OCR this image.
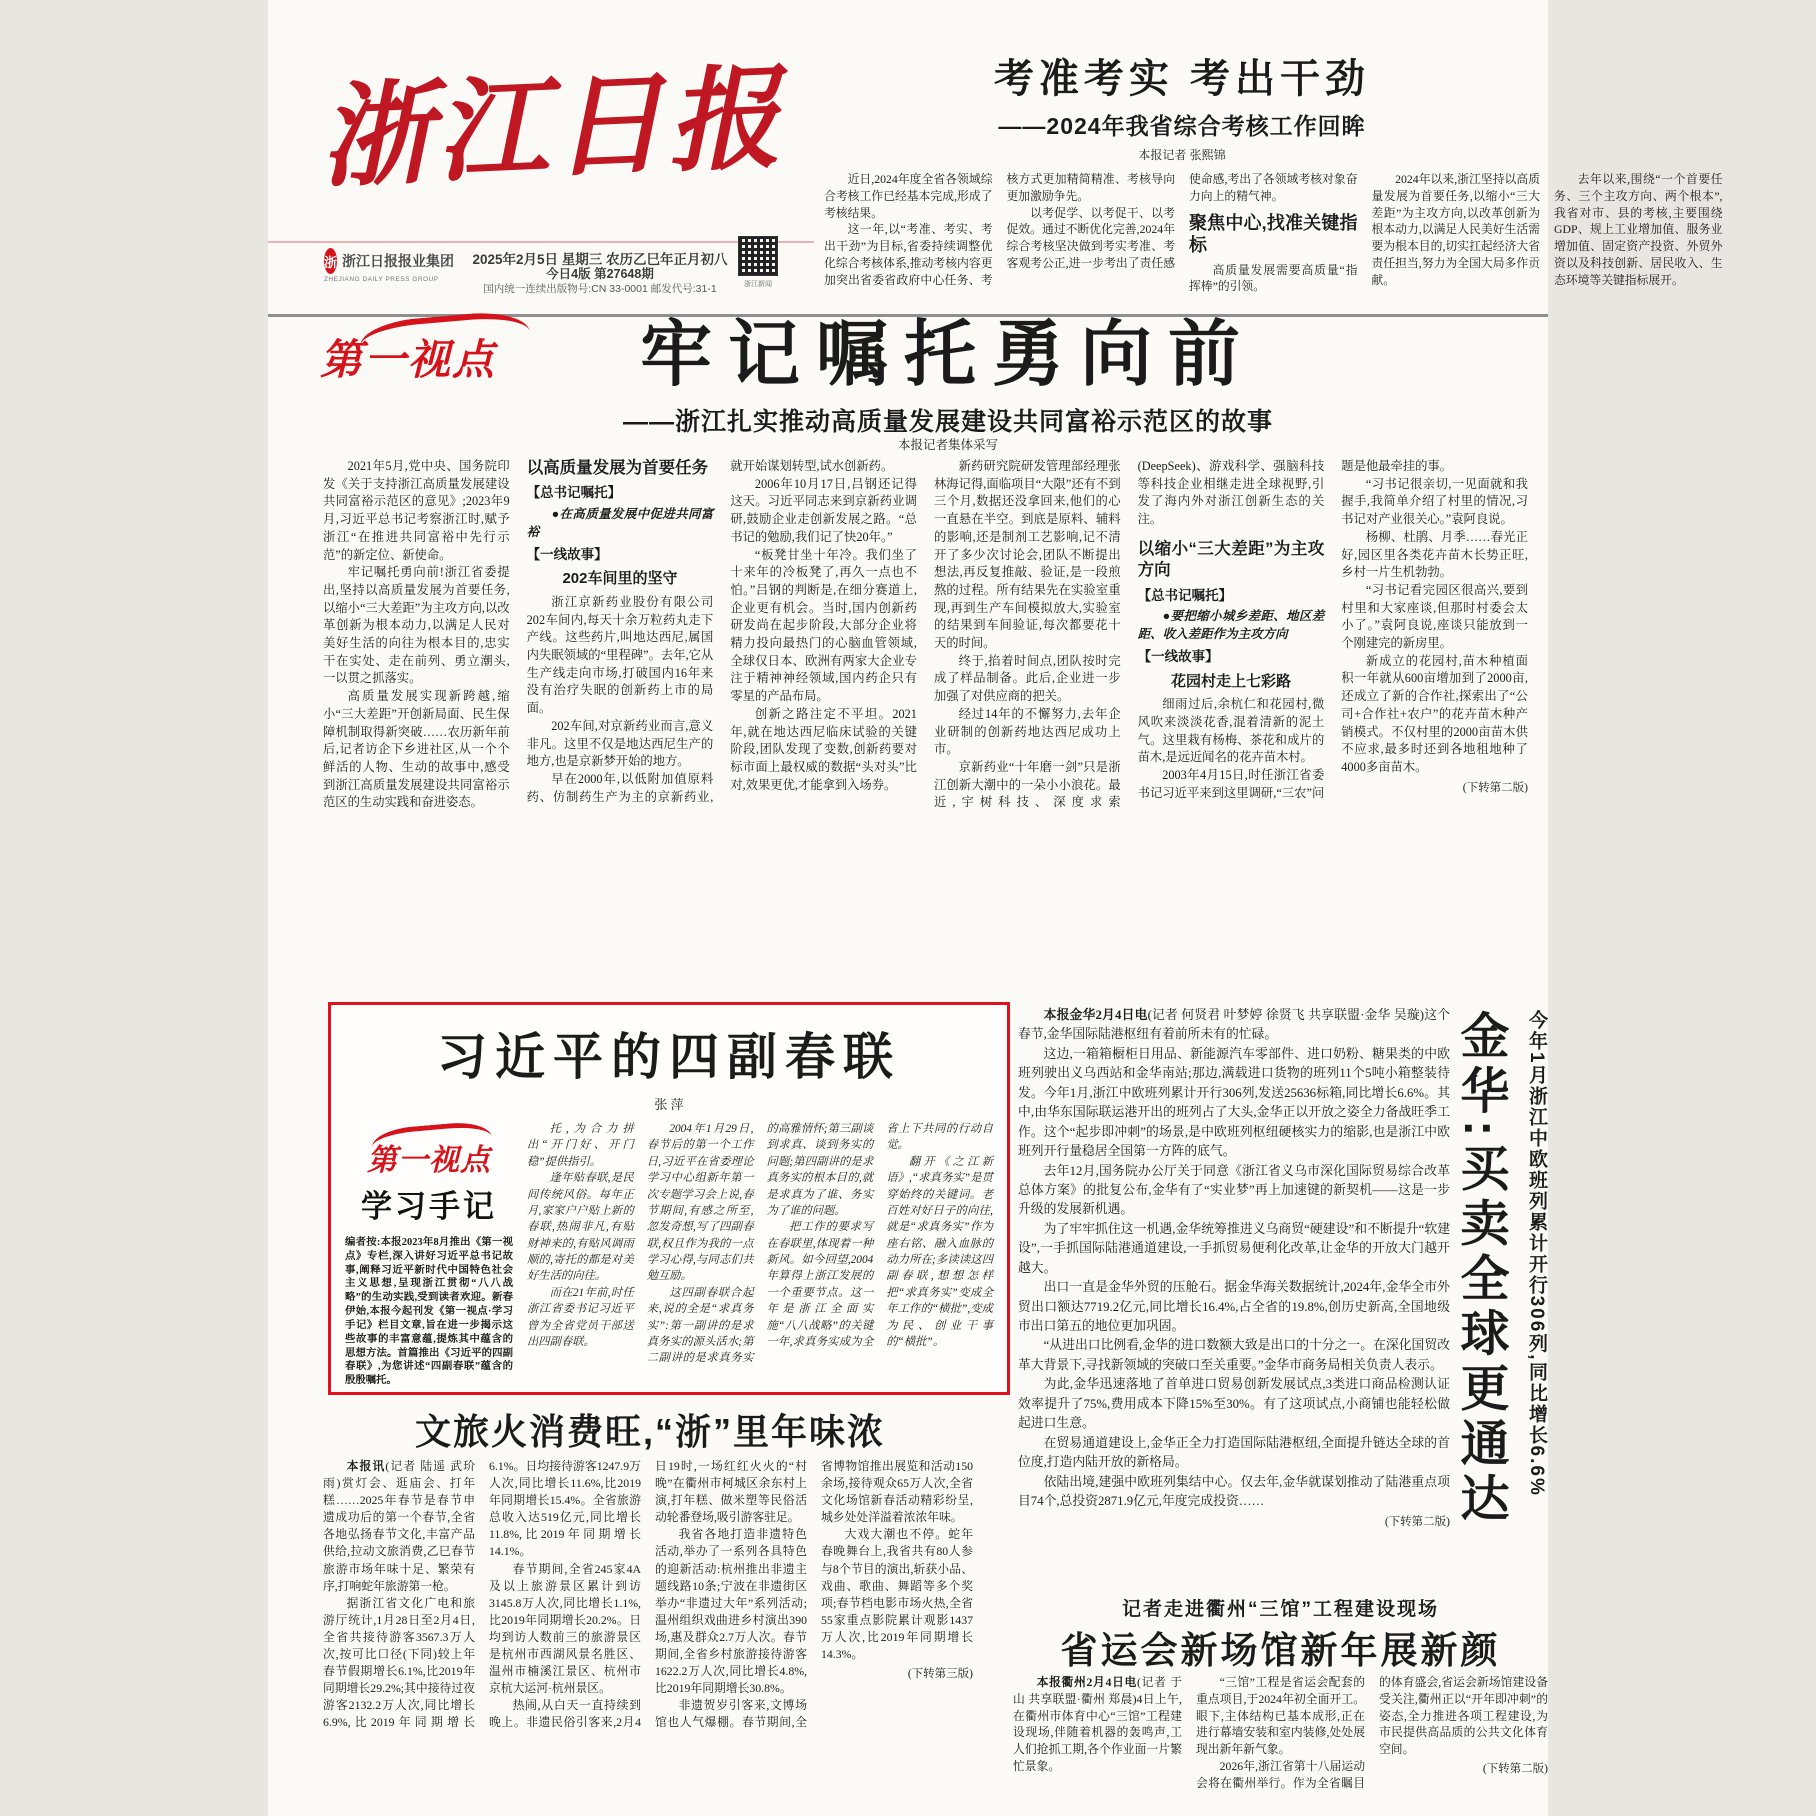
浙江日报
浙 浙江日报报业集团
ZHEJIANG DAILY PRESS GROUP
2025年2月5日 星期三 农历乙巳年正月初八
今日4版 第27648期
国内统一连续出版物号:CN 33-0001 邮发代号:31-1	浙江新闻
考准考实 考出干劲
——2024年我省综合考核工作回眸
本报记者 张熙锦

近日,2024年度全省各领域综合考核工作已经基本完成,形成了考核结果。

这一年,以“考准、考实、考出干劲”为目标,省委持续调整优化综合考核体系,推动考核内容更加突出省委省政府中心任务、考核方式更加精简精准、考核导向更加激励争先。

以考促学、以考促干、以考促效。通过不断优化完善,2024年综合考核坚决做到考实考准、考客观考公正,进一步考出了责任感使命感,考出了各领域考核对象奋力向上的精气神。

聚焦中心,找准关键指标

高质量发展需要高质量“指挥棒”的引领。

2024年以来,浙江坚持以高质量发展为首要任务,以缩小“三大差距”为主攻方向,以改革创新为根本动力,以满足人民美好生活需要为根本目的,切实扛起经济大省责任担当,努力为全国大局多作贡献。

去年以来,围绕“一个首要任务、三个主攻方向、两个根本”,我省对市、县的考核,主要围绕GDP、规上工业增加值、服务业增加值、固定资产投资、外贸外资以及科技创新、居民收入、生态环境等关键指标展开。

第一视点	牢记嘱托勇向前
——浙江扎实推动高质量发展建设共同富裕示范区的故事
本报记者集体采写

2021年5月,党中央、国务院印发《关于支持浙江高质量发展建设共同富裕示范区的意见》;2023年9月,习近平总书记考察浙江时,赋予浙江“在推进共同富裕中先行示范”的新定位、新使命。

牢记嘱托勇向前!浙江省委提出,坚持以高质量发展为首要任务,以缩小“三大差距”为主攻方向,以改革创新为根本动力,以满足人民对美好生活的向往为根本目的,忠实干在实处、走在前列、勇立潮头,一以贯之抓落实。

高质量发展实现新跨越,缩小“三大差距”开创新局面、民生保障机制取得新突破……农历新年前后,记者访企下乡进社区,从一个个鲜活的人物、生动的故事中,感受到浙江高质量发展建设共同富裕示范区的生动实践和奋进姿态。

以高质量发展为首要任务

【总书记嘱托】

●在高质量发展中促进共同富裕

【一线故事】

202车间里的坚守

浙江京新药业股份有限公司202车间内,每天十余万粒药丸走下产线。这些药片,叫地达西尼,属国内失眠领域的“里程碑”。去年,它从生产线走向市场,打破国内16年来没有治疗失眠的创新药上市的局面。

202车间,对京新药业而言,意义非凡。这里不仅是地达西尼生产的地方,也是京新梦开始的地方。

早在2000年,以低附加值原料药、仿制药生产为主的京新药业,就开始谋划转型,试水创新药。

2006年10月17日,吕钢还记得这天。习近平同志来到京新药业调研,鼓励企业走创新发展之路。“总书记的勉励,我们记了快20年。”

“板凳甘坐十年冷。我们坐了十来年的冷板凳了,再久一点也不怕。”吕钢的判断是,在细分赛道上,企业更有机会。当时,国内创新药研发尚在起步阶段,大部分企业将精力投向最热门的心脑血管领域,全球仅日本、欧洲有两家大企业专注于精神神经领域,国内药企只有零星的产品布局。

创新之路注定不平坦。2021年,就在地达西尼临床试验的关键阶段,团队发现了变数,创新药要对标市面上最权威的数据“头对头”比对,效果更优,才能拿到入场券。

新药研究院研发管理部经理张林海记得,面临项目“大限”还有不到三个月,数据还没拿回来,他们的心一直悬在半空。到底是原料、辅料的影响,还是制剂工艺影响,记不清开了多少次讨论会,团队不断提出想法,再反复推敲、验证,是一段煎熬的过程。所有结果先在实验室重现,再到生产车间模拟放大,实验室的结果到车间验证,每次都要花十天的时间。

终于,掐着时间点,团队按时完成了样品制备。此后,企业进一步加强了对供应商的把关。

经过14年的不懈努力,去年企业研制的创新药地达西尼成功上市。

京新药业“十年磨一剑”只是浙江创新大潮中的一朵小小浪花。最近,宇树科技、深度求索(DeepSeek)、游戏科学、强脑科技等科技企业相继走进全球视野,引发了海内外对浙江创新生态的关注。

以缩小“三大差距”为主攻方向

【总书记嘱托】

●要把缩小城乡差距、地区差距、收入差距作为主攻方向

【一线故事】

花园村走上七彩路

细雨过后,余杭仁和花园村,微风吹来淡淡花香,混着清新的泥土气。这里栽有杨梅、茶花和成片的苗木,是远近闻名的花卉苗木村。

2003年4月15日,时任浙江省委书记习近平来到这里调研,“三农”问题是他最牵挂的事。

“习书记很亲切,一见面就和我握手,我简单介绍了村里的情况,习书记对产业很关心。”袁阿良说。

杨柳、杜鹃、月季……春光正好,园区里各类花卉苗木长势正旺,乡村一片生机勃勃。

“习书记看完园区很高兴,要到村里和大家座谈,但那时村委会太小了。”袁阿良说,座谈只能放到一个刚建完的新房里。

新成立的花园村,苗木种植面积一年就从600亩增加到了2000亩,还成立了新的合作社,探索出了“公司+合作社+农户”的花卉苗木种产销模式。不仅村里的2000亩苗木供不应求,最多时还到各地租地种了4000多亩苗木。

(下转第二版)

习近平的四副春联
张 萍
第一视点
学习手记
编者按:本报2023年8月推出《第一视点》专栏,深入讲好习近平总书记故事,阐释习近平新时代中国特色社会主义思想,呈现浙江贯彻“八八战略”的生动实践,受到读者欢迎。新春伊始,本报今起刊发《第一视点·学习手记》栏目文章,旨在进一步揭示这些故事的丰富意蕴,提炼其中蕴含的思想方法。首篇推出《习近平的四副春联》,为您讲述“四副春联”蕴含的殷殷嘱托。

托,为合力拼出“开门好、开门稳”提供指引。

逢年贴春联,是民间传统风俗。每年正月,家家户户贴上新的春联,热闹非凡,有贴财神来的,有贴风调雨顺的,寄托的都是对美好生活的向往。

而在21年前,时任浙江省委书记习近平曾为全省党员干部送出四副春联。

2004年1月29日,春节后的第一个工作日,习近平在省委理论学习中心组新年第一次专题学习会上说,春节期间,有感之所至,忽发奇想,写了四副春联,权且作为我的一点学习心得,与同志们共勉互励。

这四副春联合起来,说的全是“求真务实”:第一副讲的是求真务实的源头活水;第二副讲的是求真务实的高雅情怀;第三副谈到求真、谈到务实的问题;第四副讲的是求真务实的根本目的,就是求真为了谁、务实为了谁的问题。

把工作的要求写在春联里,体现着一种新风。如今回望,2004年算得上浙江发展的一个重要节点。这一年是浙江全面实施“八八战略”的关键一年,求真务实成为全省上下共同的行动自觉。

翻开《之江新语》,“求真务实”是贯穿始终的关键词。老百姓对好日子的向往,就是“求真务实”作为座右铭、融入血脉的动力所在;多读读这四副春联,想想怎样把“求真务实”变成全年工作的“横批”,变成为民、创业干事的“横批”。

本报金华2月4日电(记者 何贤君 叶梦婷 徐贤飞 共享联盟·金华 吴璇)这个春节,金华国际陆港枢纽有着前所未有的忙碌。

这边,一箱箱橱柜日用品、新能源汽车零部件、进口奶粉、糖果类的中欧班列驶出义乌西站和金华南站;那边,满载进口货物的班列11个5吨小箱整装待发。今年1月,浙江中欧班列累计开行306列,发送25636标箱,同比增长6.6%。其中,由华东国际联运港开出的班列占了大头,金华正以开放之姿全力备战旺季工作。这个“起步即冲刺”的场景,是中欧班列枢纽硬核实力的缩影,也是浙江中欧班列开行量稳居全国第一方阵的底气。

去年12月,国务院办公厅关于同意《浙江省义乌市深化国际贸易综合改革总体方案》的批复公布,金华有了“实业梦”再上加速键的新契机——这是一步升级的发展新机遇。

为了牢牢抓住这一机遇,金华统筹推进义乌商贸“硬建设”和不断提升“软建设”,一手抓国际陆港通道建设,一手抓贸易便利化改革,让金华的开放大门越开越大。

出口一直是金华外贸的压舱石。据金华海关数据统计,2024年,金华全市外贸出口额达7719.2亿元,同比增长16.4%,占全省的19.8%,创历史新高,全国地级市出口第五的地位更加巩固。

“从进出口比例看,金华的进口数额大致是出口的十分之一。在深化国贸改革大背景下,寻找新领域的突破口至关重要。”金华市商务局相关负责人表示。

为此,金华迅速落地了首单进口贸易创新发展试点,3类进口商品检测认证效率提升了75%,费用成本下降15%至30%。有了这项试点,小商铺也能轻松做起进口生意。

在贸易通道建设上,金华正全力打造国际陆港枢纽,全面提升链达全球的首位度,打造内陆开放的新格局。

依陆出境,建强中欧班列集结中心。仅去年,金华就谋划推动了陆港重点项目74个,总投资2871.9亿元,年度完成投资……

(下转第二版) 金华:买卖全球更通达 今年1月浙江中欧班列累计开行306列,同比增长6.6%
文旅火消费旺,“浙”里年味浓

本报讯(记者 陆遥 武玠雨)赏灯会、逛庙会、打年糕……2025年春节是春节申遗成功后的第一个春节,全省各地弘扬春节文化,丰富产品供给,拉动文旅消费,乙巳春节旅游市场年味十足、繁荣有序,打响蛇年旅游第一枪。

据浙江省文化广电和旅游厅统计,1月28日至2月4日,全省共接待游客3567.3万人次,按可比口径(下同)较上年春节假期增长6.1%,比2019年同期增长29.2%;其中接待过夜游客2132.2万人次,同比增长6.9%,比2019年同期增长6.1%。日均接待游客1247.9万人次,同比增长11.6%,比2019年同期增长15.4%。全省旅游总收入达519亿元,同比增长11.8%,比2019年同期增长14.1%。

春节期间,全省245家4A及以上旅游景区累计到访3145.8万人次,同比增长1.1%,比2019年同期增长20.2%。日均到访人数前三的旅游景区是杭州市西湖风景名胜区、温州市楠溪江景区、杭州市京杭大运河·杭州景区。

热闹,从白天一直持续到晚上。非遗民俗引客来,2月4日19时,一场红红火火的“村晚”在衢州市柯城区余东村上演,打年糕、做米塑等民俗活动轮番登场,吸引游客驻足。

我省各地打造非遗特色活动,举办了一系列各具特色的迎新活动:杭州推出非遗主题线路10条;宁波在非遗街区举办“非遗过大年”系列活动;温州组织戏曲进乡村演出390场,惠及群众2.7万人次。春节期间,全省乡村旅游接待游客1622.2万人次,同比增长4.8%,比2019年同期增长30.8%。

非遗贺岁引客来,文博场馆也人气爆棚。春节期间,全省博物馆推出展览和活动150余场,接待观众65万人次,全省文化场馆新春活动精彩纷呈,城乡处处洋溢着浓浓年味。

大戏大潮也不停。蛇年春晚舞台上,我省共有80人参与8个节目的演出,斩获小品、戏曲、歌曲、舞蹈等多个奖项;春节档电影市场火热,全省55家重点影院累计观影1437万人次,比2019年同期增长14.3%。

(下转第三版)

记者走进衢州“三馆”工程建设现场
省运会新场馆新年展新颜

本报衢州2月4日电(记者 于山 共享联盟·衢州 郑晨)4日上午,在衢州市体育中心“三馆”工程建设现场,伴随着机器的轰鸣声,工人们抢抓工期,各个作业面一片繁忙景象。

“三馆”工程是省运会配套的重点项目,于2024年初全面开工。眼下,主体结构已基本成形,正在进行幕墙安装和室内装修,处处展现出新年新气象。

2026年,浙江省第十八届运动会将在衢州举行。作为全省瞩目的体育盛会,省运会新场馆建设备受关注,衢州正以“开年即冲刺”的姿态,全力推进各项工程建设,为市民提供高品质的公共文化体育空间。

(下转第二版)
